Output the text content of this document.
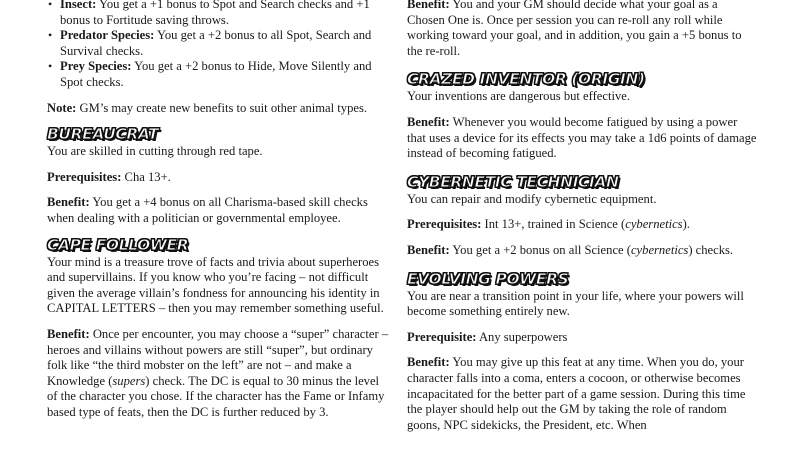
• Insect: You get a +1 bonus to Spot and Search checks and +1 bonus to Fortitude saving throws.
• Predator Species: You get a +2 bonus to all Spot, Search and Survival checks.
• Prey Species: You get a +2 bonus to Hide, Move Silently and Spot checks.

Note: GM’s may create new benefits to suit other animal types.

BUREAUCRAT

You are skilled in cutting through red tape.

Prerequisites: Cha 13+.

Benefit: You get a +4 bonus on all Charisma-based skill checks when dealing with a politician or governmental employee.

CAPE FOLLOWER

Your mind is a treasure trove of facts and trivia about superheroes and supervillains. If you know who you’re facing – not difficult given the average villain’s fondness for announcing his identity in CAPITAL LETTERS – then you may remember something useful.

Benefit: Once per encounter, you may choose a “super” character – heroes and villains without powers are still “super”, but ordinary folk like “the third mobster on the left” are not – and make a Knowledge (supers) check. The DC is equal to 30 minus the level of the character you chose. If the character has the Fame or Infamy based type of feats, then the DC is further reduced by 3.

Benefit: You and your GM should decide what your goal as a Chosen One is. Once per session you can re-roll any roll while working toward your goal, and in addition, you gain a +5 bonus to the re-roll.

CRAZED INVENTOR (ORIGIN)

Your inventions are dangerous but effective.

Benefit: Whenever you would become fatigued by using a power that uses a device for its effects you may take a 1d6 points of damage instead of becoming fatigued.

CYBERNETIC TECHNICIAN

You can repair and modify cybernetic equipment.

Prerequisites: Int 13+, trained in Science (cybernetics).

Benefit: You get a +2 bonus on all Science (cybernetics) checks.

EVOLVING POWERS

You are near a transition point in your life, where your powers will become something entirely new.

Prerequisite: Any superpowers

Benefit: You may give up this feat at any time. When you do, your character falls into a coma, enters a cocoon, or otherwise becomes incapacitated for the better part of a game session. During this time the player should help out the GM by taking the role of random goons, NPC sidekicks, the President, etc. When
